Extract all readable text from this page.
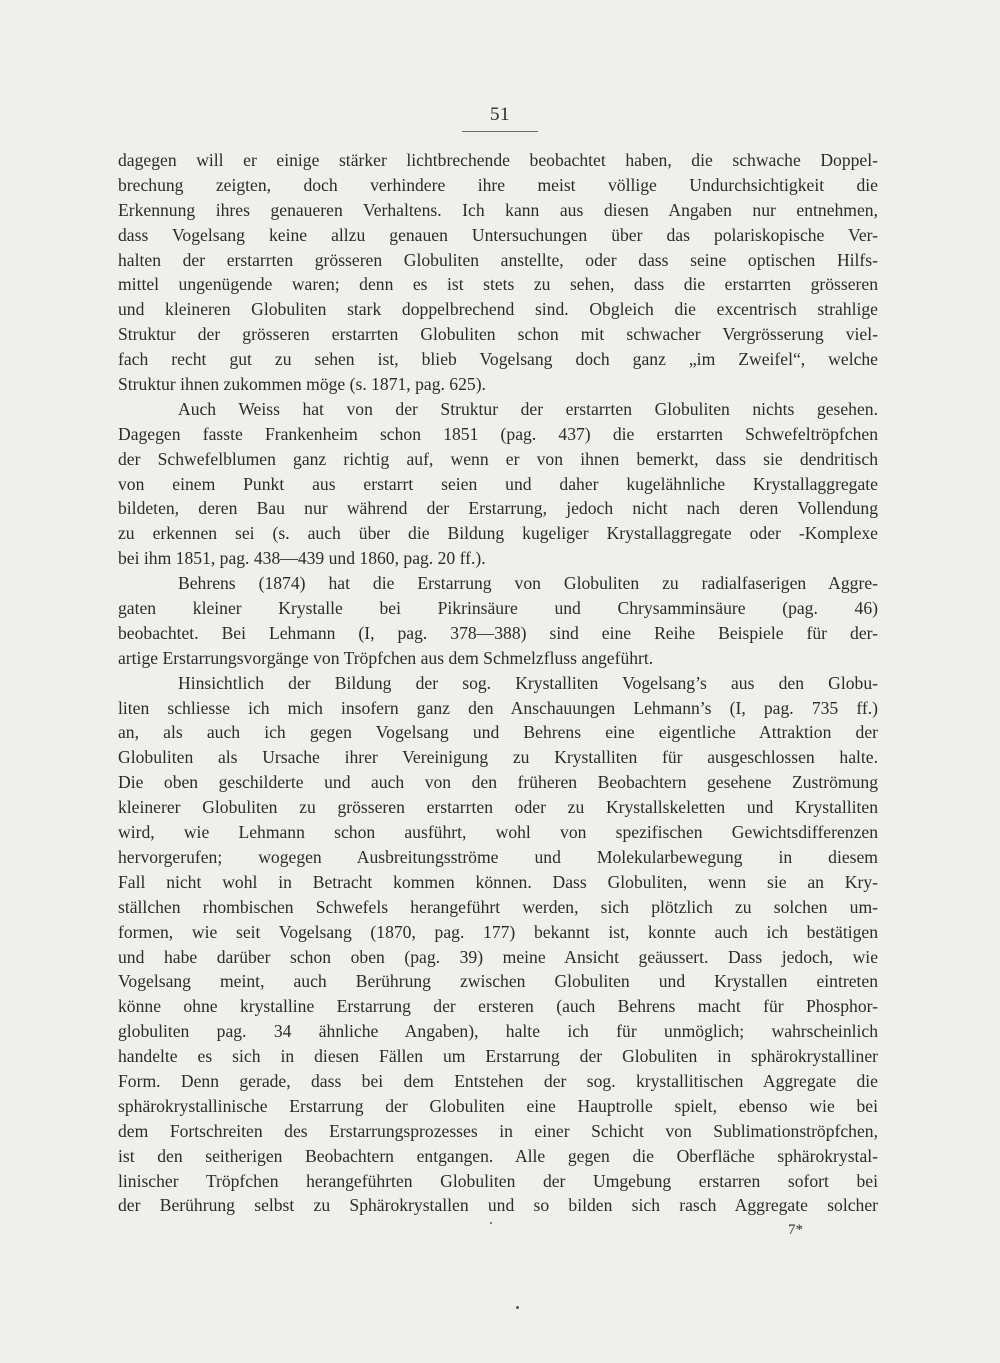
51
dagegen will er einige stärker lichtbrechende beobachtet haben, die schwache Doppel-
brechung zeigten, doch verhindere ihre meist völlige Undurchsichtigkeit die
Erkennung ihres genaueren Verhaltens. Ich kann aus diesen Angaben nur entnehmen,
dass Vogelsang keine allzu genauen Untersuchungen über das polariskopische Ver-
halten der erstarrten grösseren Globuliten anstellte, oder dass seine optischen Hilfs-
mittel ungenügende waren; denn es ist stets zu sehen, dass die erstarrten grösseren
und kleineren Globuliten stark doppelbrechend sind. Obgleich die excentrisch strahlige
Struktur der grösseren erstarrten Globuliten schon mit schwacher Vergrösserung viel-
fach recht gut zu sehen ist, blieb Vogelsang doch ganz „im Zweifel“, welche
Struktur ihnen zukommen möge (s. 1871, pag. 625).
Auch Weiss hat von der Struktur der erstarrten Globuliten nichts gesehen.
Dagegen fasste Frankenheim schon 1851 (pag. 437) die erstarrten Schwefeltröpfchen
der Schwefelblumen ganz richtig auf, wenn er von ihnen bemerkt, dass sie dendritisch
von einem Punkt aus erstarrt seien und daher kugelähnliche Krystallaggregate
bildeten, deren Bau nur während der Erstarrung, jedoch nicht nach deren Vollendung
zu erkennen sei (s. auch über die Bildung kugeliger Krystallaggregate oder -Komplexe
bei ihm 1851, pag. 438—439 und 1860, pag. 20 ff.).
Behrens (1874) hat die Erstarrung von Globuliten zu radialfaserigen Aggre-
gaten kleiner Krystalle bei Pikrinsäure und Chrysamminsäure (pag. 46)
beobachtet. Bei Lehmann (I, pag. 378—388) sind eine Reihe Beispiele für der-
artige Erstarrungsvorgänge von Tröpfchen aus dem Schmelzfluss angeführt.
Hinsichtlich der Bildung der sog. Krystalliten Vogelsang’s aus den Globu-
liten schliesse ich mich insofern ganz den Anschauungen Lehmann’s (I, pag. 735 ff.)
an, als auch ich gegen Vogelsang und Behrens eine eigentliche Attraktion der
Globuliten als Ursache ihrer Vereinigung zu Krystalliten für ausgeschlossen halte.
Die oben geschilderte und auch von den früheren Beobachtern gesehene Zuströmung
kleinerer Globuliten zu grösseren erstarrten oder zu Krystallskeletten und Krystalliten
wird, wie Lehmann schon ausführt, wohl von spezifischen Gewichtsdifferenzen
hervorgerufen; wogegen Ausbreitungsströme und Molekularbewegung in diesem
Fall nicht wohl in Betracht kommen können. Dass Globuliten, wenn sie an Kry-
ställchen rhombischen Schwefels herangeführt werden, sich plötzlich zu solchen um-
formen, wie seit Vogelsang (1870, pag. 177) bekannt ist, konnte auch ich bestätigen
und habe darüber schon oben (pag. 39) meine Ansicht geäussert. Dass jedoch, wie
Vogelsang meint, auch Berührung zwischen Globuliten und Krystallen eintreten
könne ohne krystalline Erstarrung der ersteren (auch Behrens macht für Phosphor-
globuliten pag. 34 ähnliche Angaben), halte ich für unmöglich; wahrscheinlich
handelte es sich in diesen Fällen um Erstarrung der Globuliten in sphärokrystalliner
Form. Denn gerade, dass bei dem Entstehen der sog. krystallitischen Aggregate die
sphärokrystallinische Erstarrung der Globuliten eine Hauptrolle spielt, ebenso wie bei
dem Fortschreiten des Erstarrungsprozesses in einer Schicht von Sublimationströpfchen,
ist den seitherigen Beobachtern entgangen. Alle gegen die Oberfläche sphärokrystal-
linischer Tröpfchen herangeführten Globuliten der Umgebung erstarren sofort bei
der Berührung selbst zu Sphärokrystallen und so bilden sich rasch Aggregate solcher
7*
